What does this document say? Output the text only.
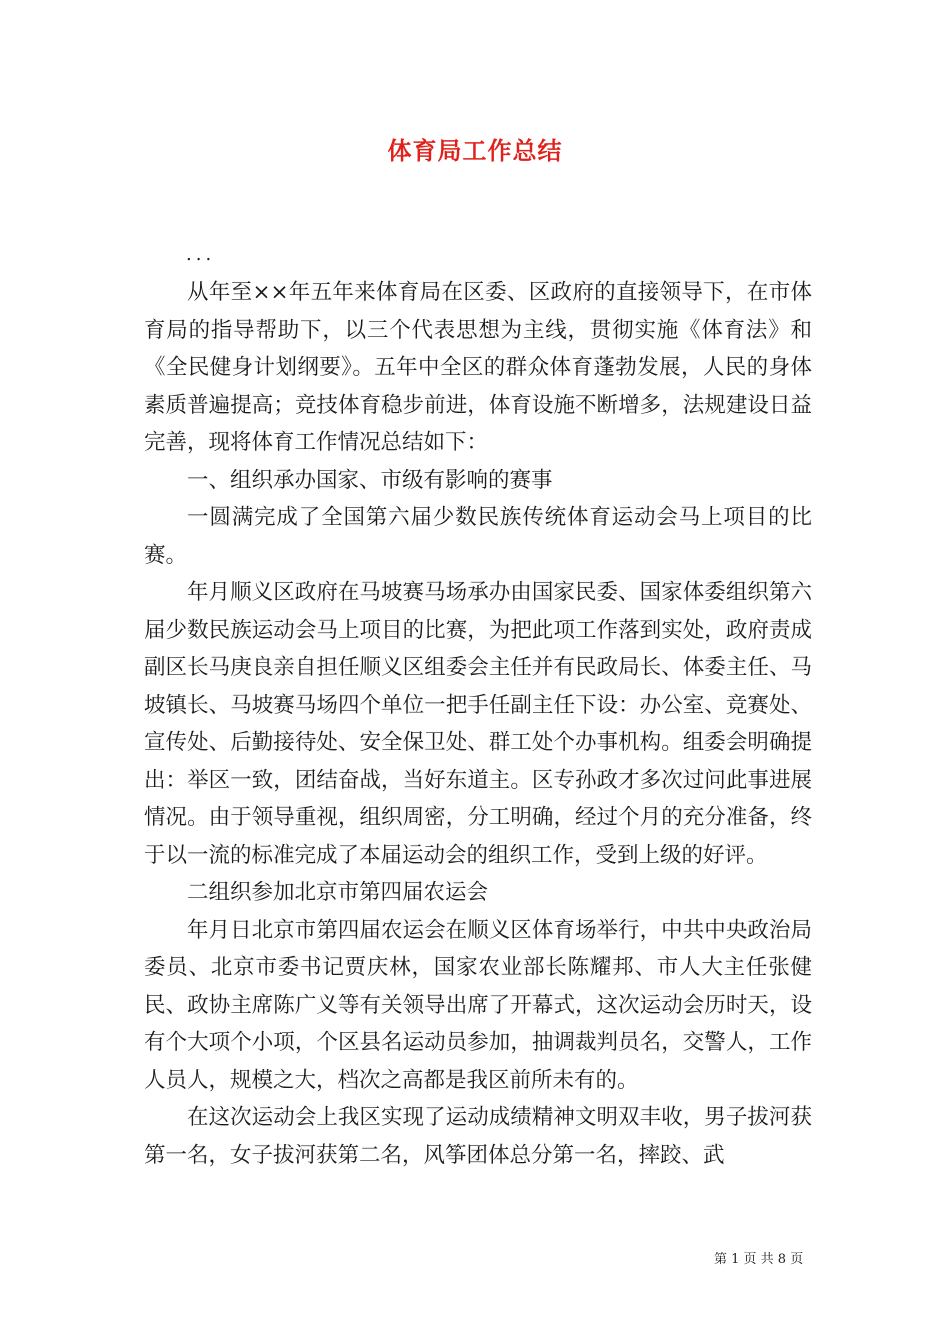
体育局工作总结
...

从年至××年五年来体育局在区委、区政府的直接领导下，在市体育局的指导帮助下，以三个代表思想为主线，贯彻实施《体育法》和《全民健身计划纲要》。五年中全区的群众体育蓬勃发展，人民的身体素质普遍提高；竞技体育稳步前进，体育设施不断增多，法规建设日益完善，现将体育工作情况总结如下：

一、组织承办国家、市级有影响的赛事

一圆满完成了全国第六届少数民族传统体育运动会马上项目的比赛。

年月顺义区政府在马坡赛马场承办由国家民委、国家体委组织第六届少数民族运动会马上项目的比赛，为把此项工作落到实处，政府责成副区长马庚良亲自担任顺义区组委会主任并有民政局长、体委主任、马坡镇长、马坡赛马场四个单位一把手任副主任下设：办公室、竞赛处、宣传处、后勤接待处、安全保卫处、群工处个办事机构。组委会明确提出：举区一致，团结奋战，当好东道主。区专孙政才多次过问此事进展情况。由于领导重视，组织周密，分工明确，经过个月的充分准备，终于以一流的标准完成了本届运动会的组织工作，受到上级的好评。

二组织参加北京市第四届农运会

年月日北京市第四届农运会在顺义区体育场举行，中共中央政治局委员、北京市委书记贾庆林，国家农业部长陈耀邦、市人大主任张健民、政协主席陈广义等有关领导出席了开幕式，这次运动会历时天，设有个大项个小项，个区县名运动员参加，抽调裁判员名，交警人，工作人员人，规模之大，档次之高都是我区前所未有的。

在这次运动会上我区实现了运动成绩精神文明双丰收，男子拔河获第一名，女子拔河获第二名，风筝团体总分第一名，摔跤、武

第 1 页 共 8 页
